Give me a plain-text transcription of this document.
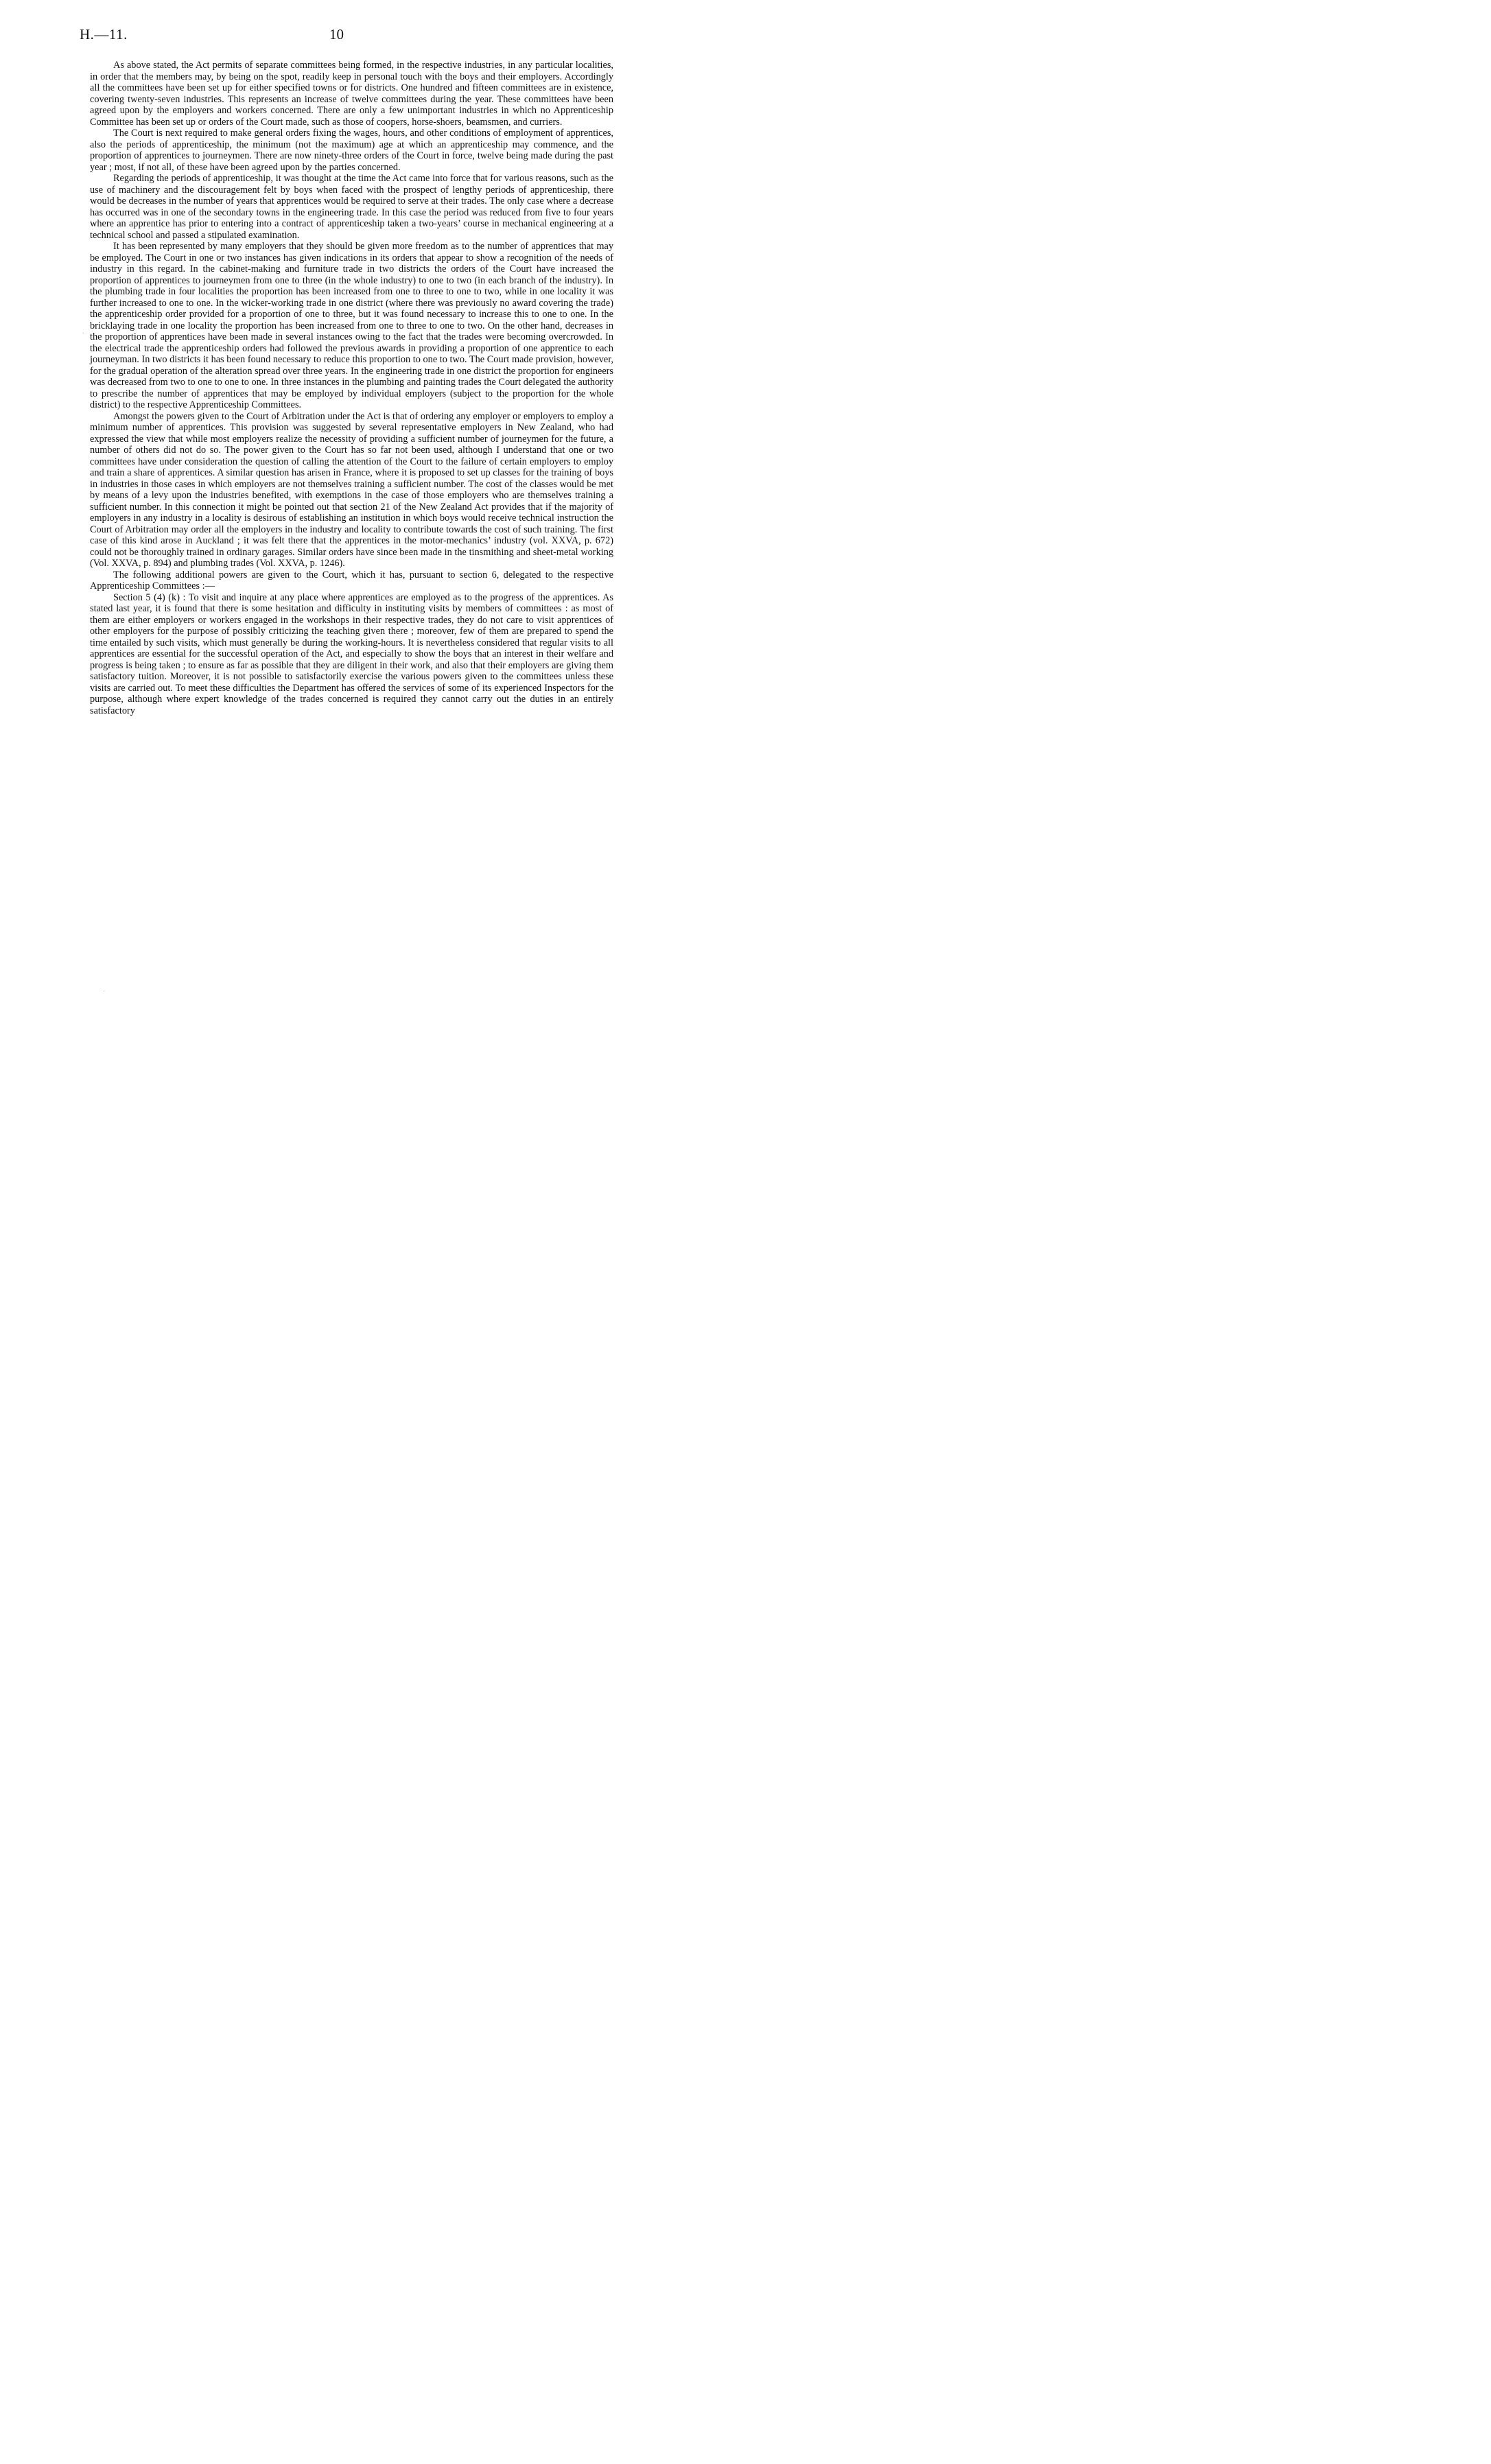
H.—11.	10

As above stated, the Act permits of separate committees being formed, in the respective industries, in any particular localities, in order that the members may, by being on the spot, readily keep in personal touch with the boys and their employers. Accordingly all the committees have been set up for either specified towns or for districts. One hundred and fifteen committees are in existence, covering twenty-seven industries. This represents an increase of twelve committees during the year. These committees have been agreed upon by the employers and workers concerned. There are only a few unimportant industries in which no Apprenticeship Committee has been set up or orders of the Court made, such as those of coopers, horse-shoers, beamsmen, and curriers.

The Court is next required to make general orders fixing the wages, hours, and other conditions of employment of apprentices, also the periods of apprenticeship, the minimum (not the maximum) age at which an apprenticeship may commence, and the proportion of apprentices to journeymen. There are now ninety-three orders of the Court in force, twelve being made during the past year ; most, if not all, of these have been agreed upon by the parties concerned.

Regarding the periods of apprenticeship, it was thought at the time the Act came into force that for various reasons, such as the use of machinery and the discouragement felt by boys when faced with the prospect of lengthy periods of apprenticeship, there would be decreases in the number of years that apprentices would be required to serve at their trades. The only case where a decrease has occurred was in one of the secondary towns in the engineering trade. In this case the period was reduced from five to four years where an apprentice has prior to entering into a contract of apprenticeship taken a two-years’ course in mechanical engineering at a technical school and passed a stipulated examination.

It has been represented by many employers that they should be given more freedom as to the number of apprentices that may be employed. The Court in one or two instances has given indications in its orders that appear to show a recognition of the needs of industry in this regard. In the cabinet-making and furniture trade in two districts the orders of the Court have increased the proportion of apprentices to journeymen from one to three (in the whole industry) to one to two (in each branch of the industry). In the plumbing trade in four localities the proportion has been increased from one to three to one to two, while in one locality it was further increased to one to one. In the wicker-working trade in one district (where there was previously no award covering the trade) the apprenticeship order provided for a proportion of one to three, but it was found necessary to increase this to one to one. In the bricklaying trade in one locality the proportion has been increased from one to three to one to two. On the other hand, decreases in the proportion of apprentices have been made in several instances owing to the fact that the trades were becoming overcrowded. In the electrical trade the apprenticeship orders had followed the previous awards in providing a proportion of one apprentice to each journeyman. In two districts it has been found necessary to reduce this proportion to one to two. The Court made provision, however, for the gradual operation of the alteration spread over three years. In the engineering trade in one district the proportion for engineers was decreased from two to one to one to one. In three instances in the plumbing and painting trades the Court delegated the authority to prescribe the number of apprentices that may be employed by individual employers (subject to the proportion for the whole district) to the respective Apprenticeship Committees.

Amongst the powers given to the Court of Arbitration under the Act is that of ordering any employer or employers to employ a minimum number of apprentices. This provision was suggested by several representative employers in New Zealand, who had expressed the view that while most employers realize the necessity of providing a sufficient number of journeymen for the future, a number of others did not do so. The power given to the Court has so far not been used, although I understand that one or two committees have under consideration the question of calling the attention of the Court to the failure of certain employers to employ and train a share of apprentices. A similar question has arisen in France, where it is proposed to set up classes for the training of boys in industries in those cases in which employers are not themselves training a sufficient number. The cost of the classes would be met by means of a levy upon the industries benefited, with exemptions in the case of those employers who are themselves training a sufficient number. In this connection it might be pointed out that section 21 of the New Zealand Act provides that if the majority of employers in any industry in a locality is desirous of establishing an institution in which boys would receive technical instruction the Court of Arbitration may order all the employers in the industry and locality to contribute towards the cost of such training. The first case of this kind arose in Auckland ; it was felt there that the apprentices in the motor-mechanics’ industry (vol. XXVA, p. 672) could not be thoroughly trained in ordinary garages. Similar orders have since been made in the tinsmithing and sheet-metal working (Vol. XXVA, p. 894) and plumbing trades (Vol. XXVA, p. 1246).

The following additional powers are given to the Court, which it has, pursuant to section 6, delegated to the respective Apprenticeship Committees :—

Section 5 (4) (k) : To visit and inquire at any place where apprentices are employed as to the progress of the apprentices. As stated last year, it is found that there is some hesitation and difficulty in instituting visits by members of committees : as most of them are either employers or workers engaged in the workshops in their respective trades, they do not care to visit apprentices of other employers for the purpose of possibly criticizing the teaching given there ; moreover, few of them are prepared to spend the time entailed by such visits, which must generally be during the working-hours. It is nevertheless considered that regular visits to all apprentices are essential for the successful operation of the Act, and especially to show the boys that an interest in their welfare and progress is being taken ; to ensure as far as possible that they are diligent in their work, and also that their employers are giving them satisfactory tuition. Moreover, it is not possible to satisfactorily exercise the various powers given to the committees unless these visits are carried out. To meet these difficulties the Department has offered the services of some of its experienced Inspectors for the purpose, although where expert knowledge of the trades concerned is required they cannot carry out the duties in an entirely satisfactory

.
·
